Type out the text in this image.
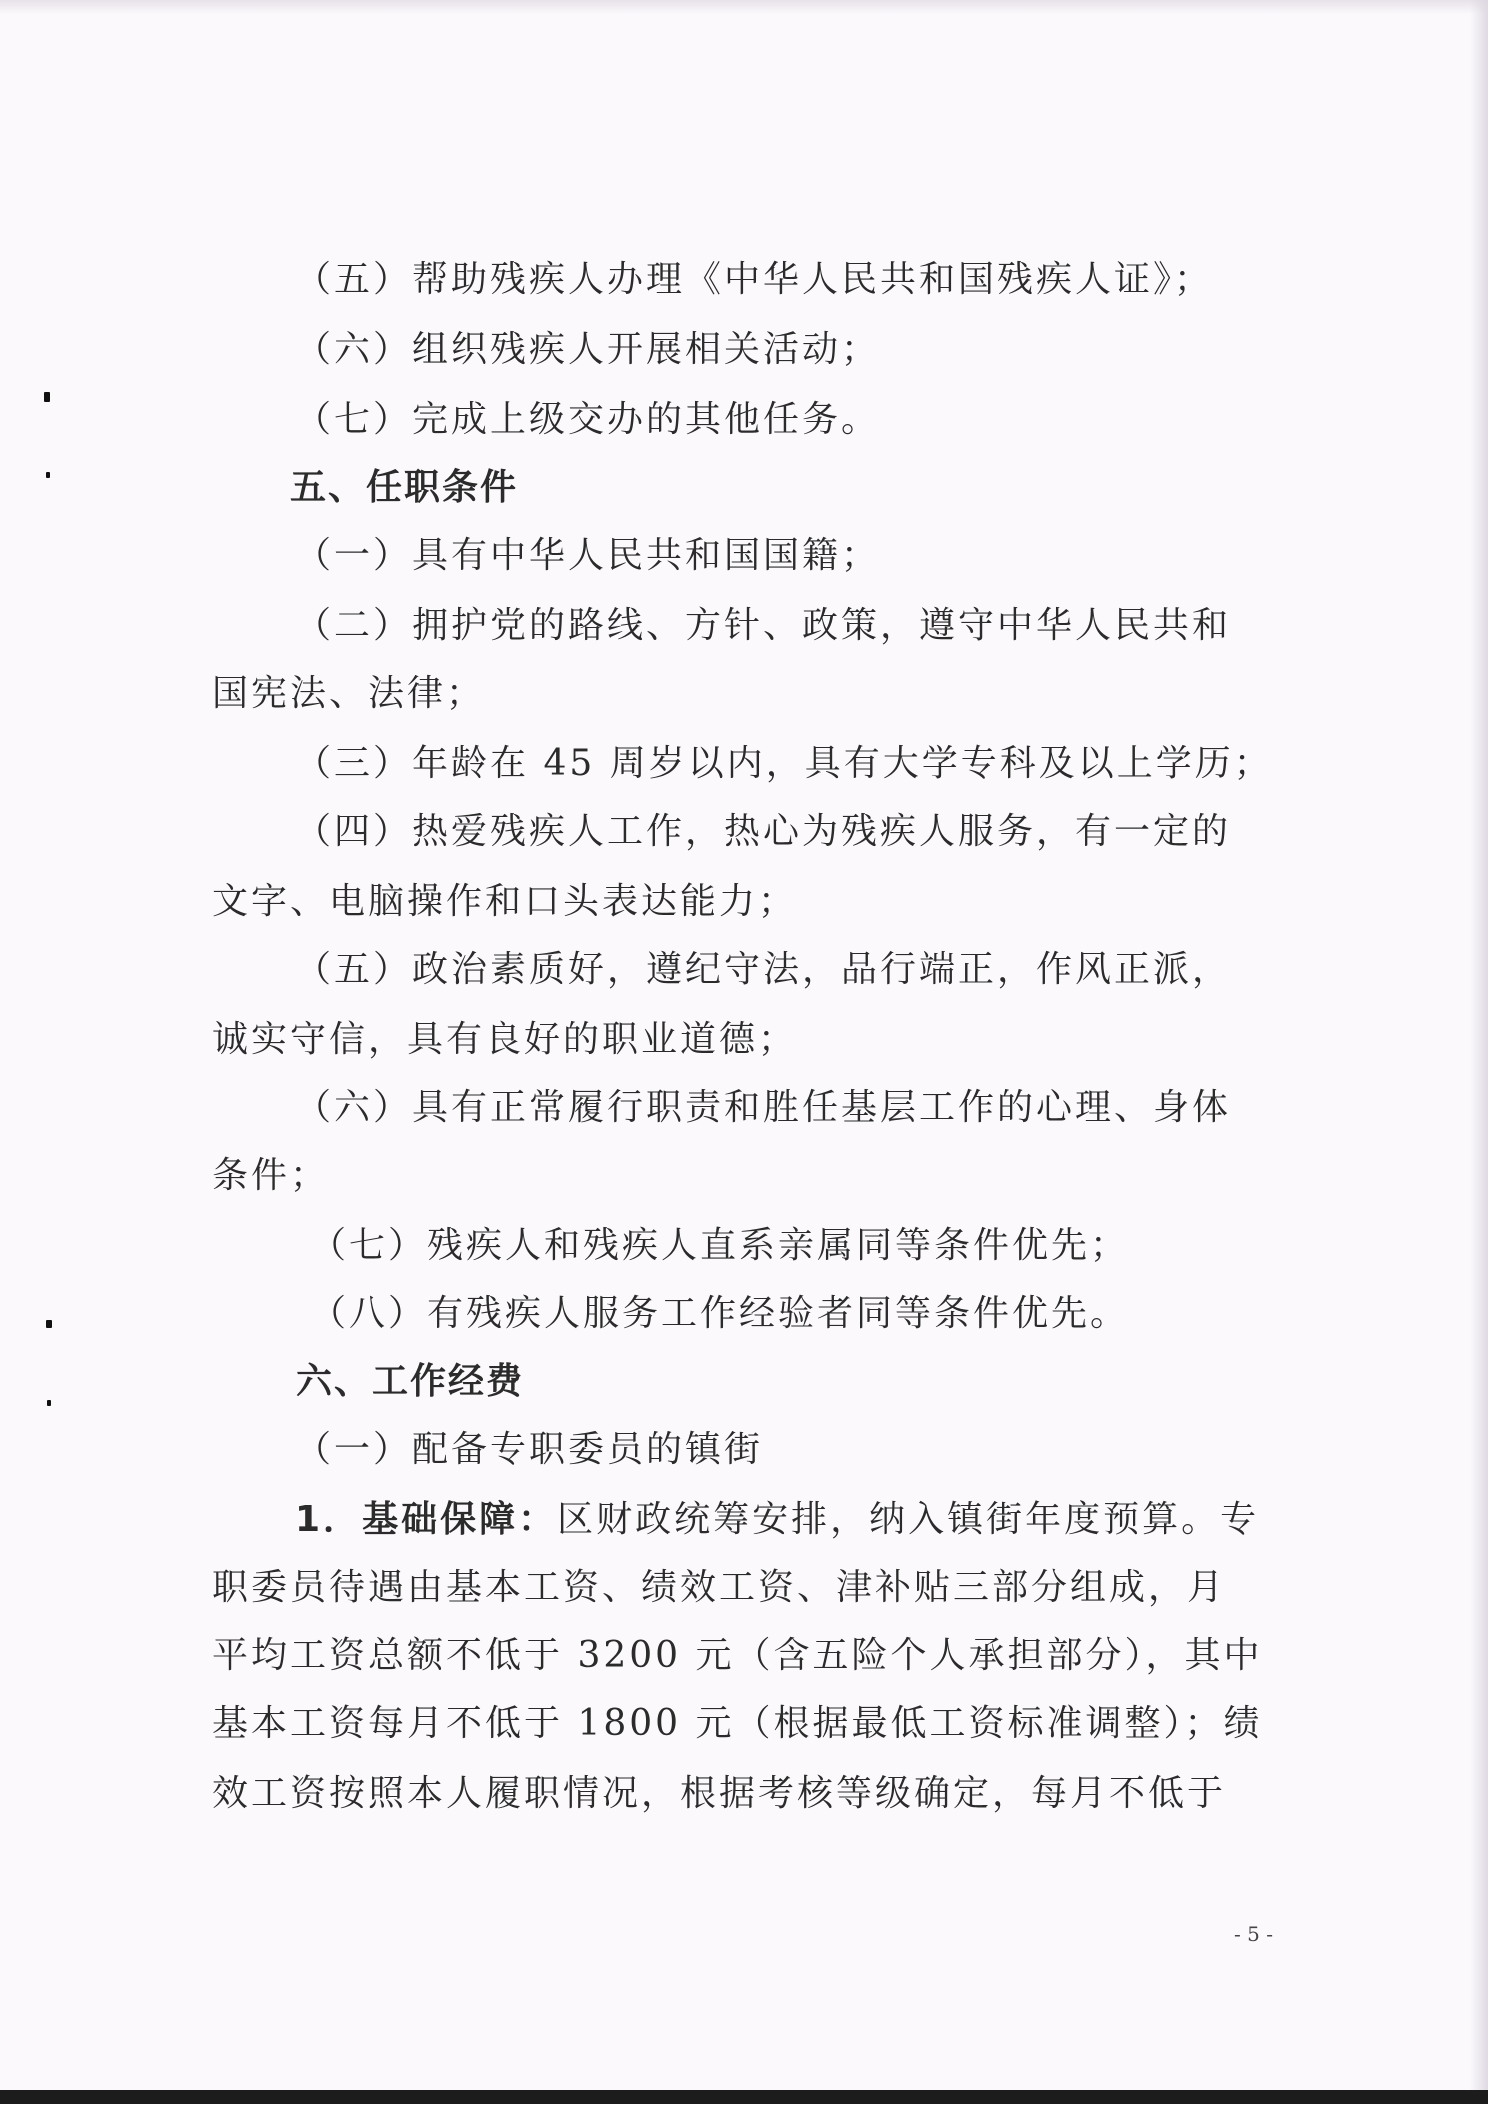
（五）帮助残疾人办理《中华人民共和国残疾人证》；

（六）组织残疾人开展相关活动；

（七）完成上级交办的其他任务。

五、任职条件

（一）具有中华人民共和国国籍；

（二）拥护党的路线、方针、政策，遵守中华人民共和

国宪法、法律；

（三）年龄在 45 周岁以内，具有大学专科及以上学历；

（四）热爱残疾人工作，热心为残疾人服务，有一定的

文字、电脑操作和口头表达能力；

（五）政治素质好，遵纪守法，品行端正，作风正派，

诚实守信，具有良好的职业道德；

（六）具有正常履行职责和胜任基层工作的心理、身体

条件；

（七）残疾人和残疾人直系亲属同等条件优先；

（八）有残疾人服务工作经验者同等条件优先。

六、工作经费

（一）配备专职委员的镇街

1．基础保障：区财政统筹安排，纳入镇街年度预算。专

职委员待遇由基本工资、绩效工资、津补贴三部分组成，月

平均工资总额不低于 3200 元（含五险个人承担部分），其中

基本工资每月不低于 1800 元（根据最低工资标准调整）；绩

效工资按照本人履职情况，根据考核等级确定，每月不低于

- 5 -
